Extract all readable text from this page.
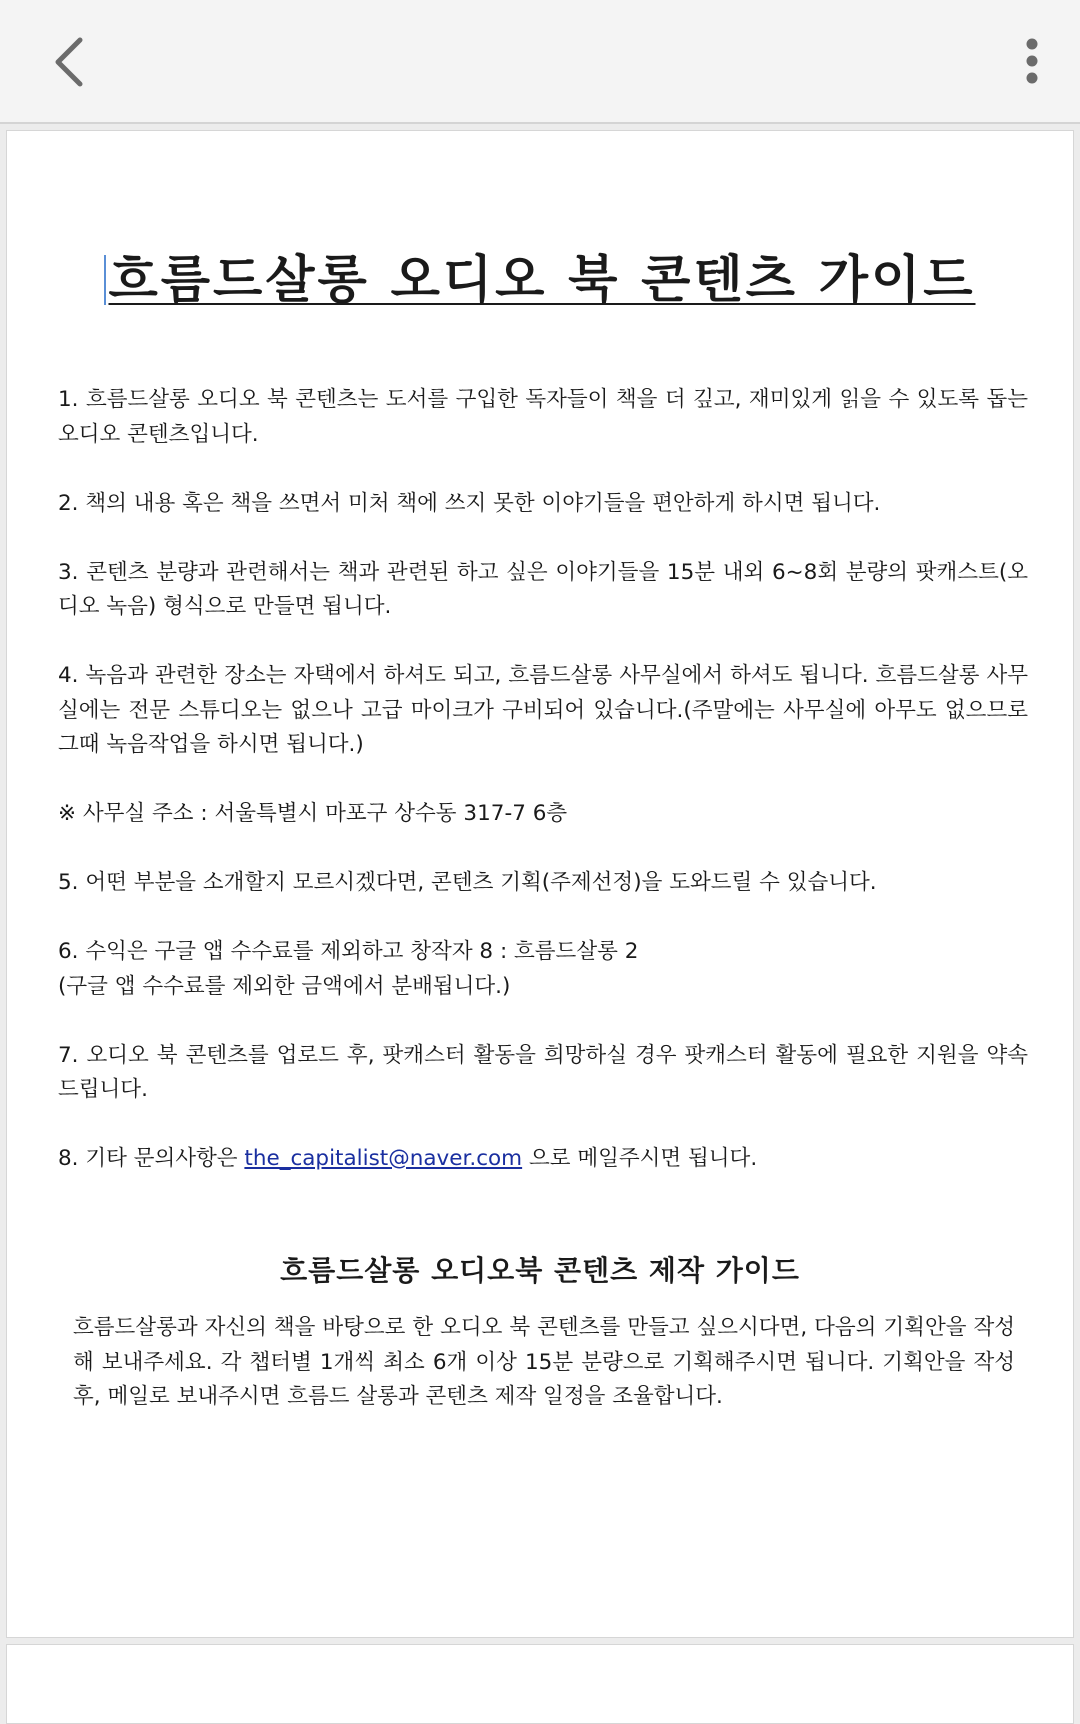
흐름드살롱 오디오 북 콘텐츠 가이드

1. 흐름드살롱 오디오 북 콘텐츠는 도서를 구입한 독자들이 책을 더 깊고, 재미있게 읽을 수 있도록 돕는 오디오 콘텐츠입니다.

2. 책의 내용 혹은 책을 쓰면서 미처 책에 쓰지 못한 이야기들을 편안하게 하시면 됩니다.

3. 콘텐츠 분량과 관련해서는 책과 관련된 하고 싶은 이야기들을 15분 내외 6~8회 분량의 팟캐스트(오디오 녹음) 형식으로 만들면 됩니다.

4. 녹음과 관련한 장소는 자택에서 하셔도 되고, 흐름드살롱 사무실에서 하셔도 됩니다. 흐름드살롱 사무실에는 전문 스튜디오는 없으나 고급 마이크가 구비되어 있습니다.(주말에는 사무실에 아무도 없으므로 그때 녹음작업을 하시면 됩니다.)

※ 사무실 주소 : 서울특별시 마포구 상수동 317-7 6층

5. 어떤 부분을 소개할지 모르시겠다면, 콘텐츠 기획(주제선정)을 도와드릴 수 있습니다.

6. 수익은 구글 앱 수수료를 제외하고 창작자 8 : 흐름드살롱 2
(구글 앱 수수료를 제외한 금액에서 분배됩니다.)

7. 오디오 북 콘텐츠를 업로드 후, 팟캐스터 활동을 희망하실 경우 팟캐스터 활동에 필요한 지원을 약속드립니다.

8. 기타 문의사항은 the_capitalist@naver.com 으로 메일주시면 됩니다.

흐름드살롱 오디오북 콘텐츠 제작 가이드

흐름드살롱과 자신의 책을 바탕으로 한 오디오 북 콘텐츠를 만들고 싶으시다면, 다음의 기획안을 작성해 보내주세요. 각 챕터별 1개씩 최소 6개 이상 15분 분량으로 기획해주시면 됩니다. 기획안을 작성 후, 메일로 보내주시면 흐름드 살롱과 콘텐츠 제작 일정을 조율합니다.
